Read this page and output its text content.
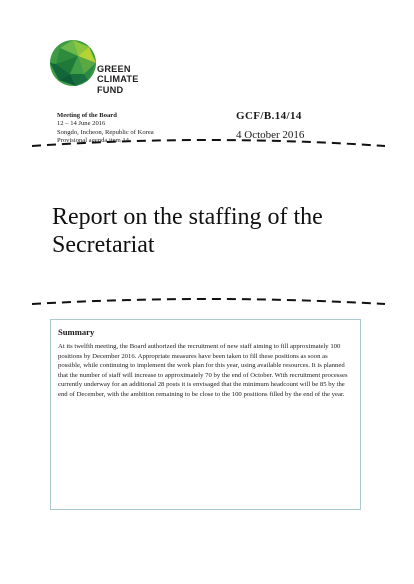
GREEN
CLIMATE
FUND
Meeting of the Board
12 – 14 June 2016
Songdo, Incheon, Republic of Korea
Provisional agenda item 14
GCF/B.14/14
4 October 2016
Report on the staffing of the
Secretariat
Summary

At its twelfth meeting, the Board authorized the recruitment of new staff aiming to fill approximately 100 positions by December 2016. Appropriate measures have been taken to fill these positions as soon as possible, while continuing to implement the work plan for this year, using available resources. It is planned that the number of staff will increase to approximately 70 by the end of October. With recruitment processes currently underway for an additional 28 posts it is envisaged that the minimum headcount will be 85 by the end of December, with the ambition remaining to be close to the 100 positions filled by the end of the year.
